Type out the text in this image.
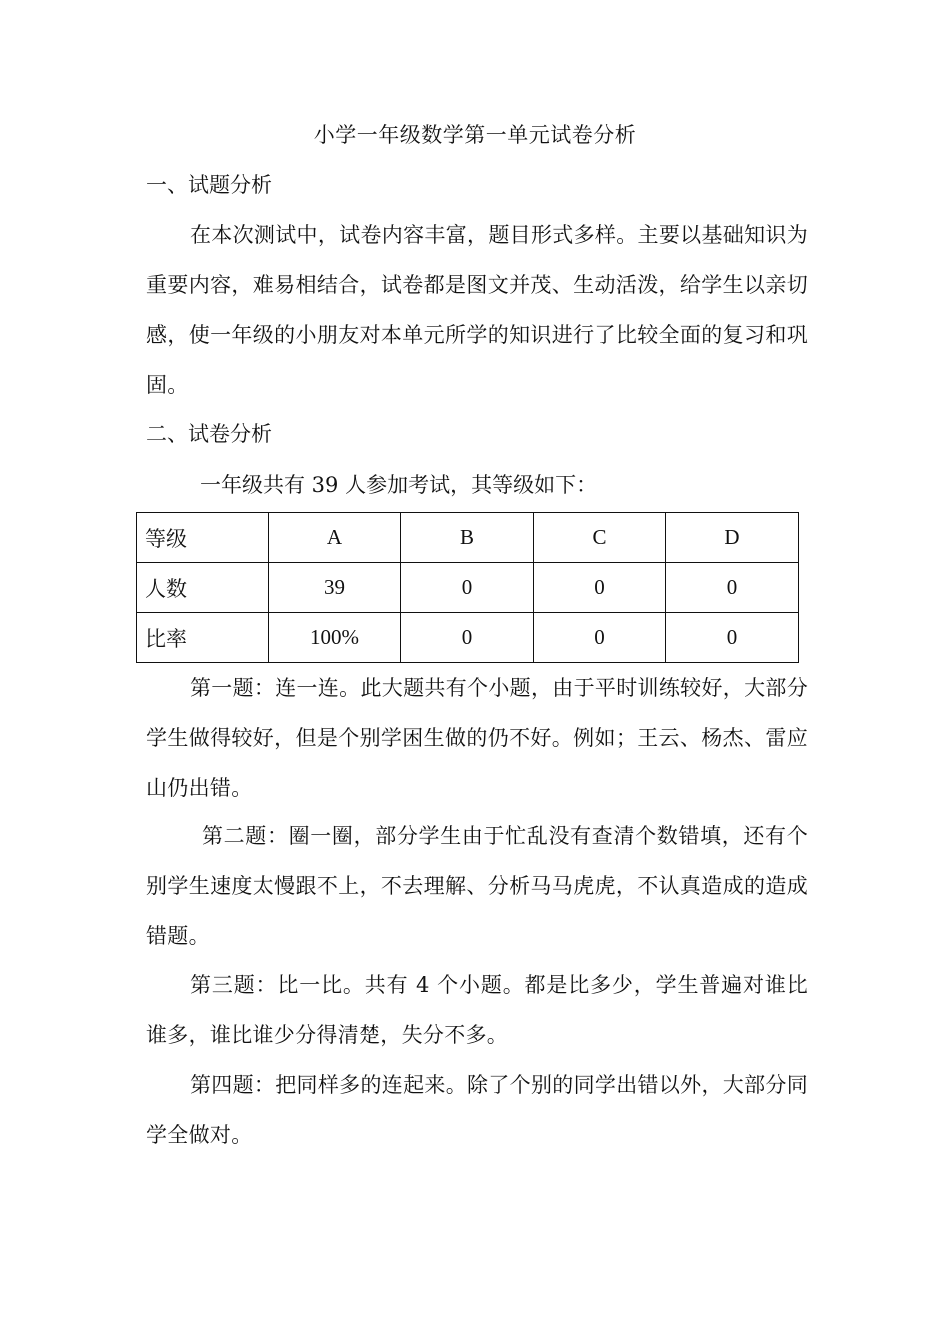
小学一年级数学第一单元试卷分析
一、试题分析
在本次测试中，试卷内容丰富，题目形式多样。主要以基础知识为重要内容，难易相结合，试卷都是图文并茂、生动活泼，给学生以亲切感，使一年级的小朋友对本单元所学的知识进行了比较全面的复习和巩固。
二、试卷分析
一年级共有 39 人参加考试，其等级如下：
等级	A	B	C	D
人数	39	0	0	0
比率	100%	0	0	0
第一题：连一连。此大题共有个小题，由于平时训练较好，大部分学生做得较好，但是个别学困生做的仍不好。例如；王云、杨杰、雷应山仍出错。
第二题：圈一圈，部分学生由于忙乱没有查清个数错填，还有个别学生速度太慢跟不上，不去理解、分析马马虎虎，不认真造成的造成错题。
第三题：比一比。共有 4 个小题。都是比多少，学生普遍对谁比谁多，谁比谁少分得清楚，失分不多。
第四题：把同样多的连起来。除了个别的同学出错以外，大部分同学全做对。
